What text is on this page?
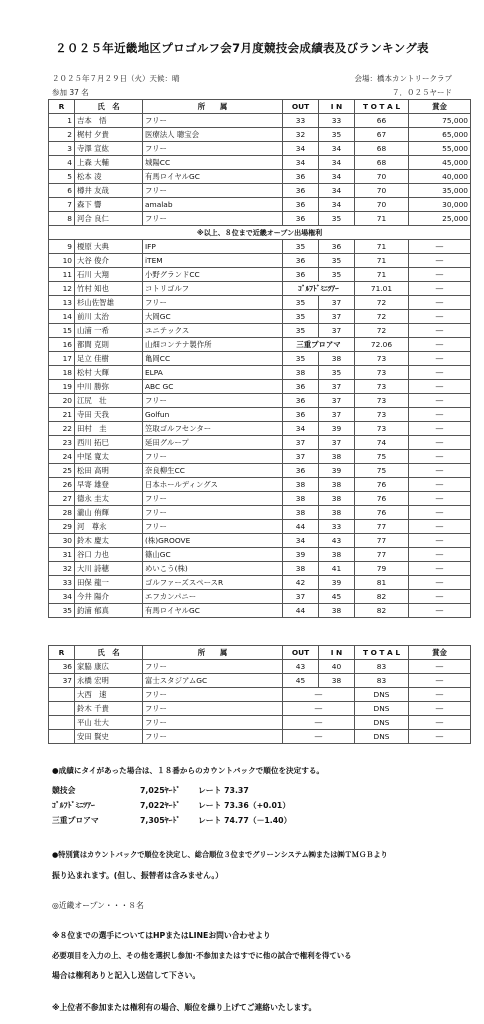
２０２５年近畿地区プロゴルフ会7月度競技会成績表及びランキング表
２０２５年７月２９日（火）天候：晴	会場：橋本カントリークラブ
参加 37 名	７．０２５ヤード
R	氏　名	所　　属	OUT	I N	T O T A L	賞金
1	吉本　悟	フリー	33	33	66	75,000
2	梶村 夕貴	医療法人 聰宝会	32	35	67	65,000
3	寺澤 宣紘	フリー	34	34	68	55,000
4	上森 大輔	城陽CC	34	34	68	45,000
5	松本 凌	有馬ロイヤルGC	36	34	70	40,000
6	樽井 友哉	フリー	36	34	70	35,000
7	森下 響	amalab	36	34	70	30,000
8	河合 良仁	フリー	36	35	71	25,000
※以上、８位まで近畿オープン出場権利						
9	榎原 大典	IFP	35	36	71	―
10	大谷 俊介	iTEM	36	35	71	―
11	石川 大翔	小野グランドCC	36	35	71	―
12	竹村 知也	コトリゴルフ	ｺﾞﾙﾌﾄﾞﾐﾆﾂｱｰ		71.01	―
13	杉山佐智雄	フリー	35	37	72	―
14	前川 太治	大岡GC	35	37	72	―
15	山浦 一希	ユニテックス	35	37	72	―
16	都間 克則	山畑コンテナ製作所	三重プロアマ		72.06	―
17	足立 佳樹	亀岡CC	35	38	73	―
18	松村 大輝	ELPA	38	35	73	―
19	中川 勝弥	ABC GC	36	37	73	―
20	江尻　壮	フリー	36	37	73	―
21	寺田 天我	Golfun	36	37	73	―
22	田村　圭	笠取ゴルフセンター	34	39	73	―
23	西川 拓巳	延田グループ	37	37	74	―
24	中尾 寛太	フリー	37	38	75	―
25	松田 高明	奈良柳生CC	36	39	75	―
26	早寄 雄登	日本ホールディングス	38	38	76	―
27	德永 圭太	フリー	38	38	76	―
28	瀧山 侑輝	フリー	38	38	76	―
29	河　尊永	フリー	44	33	77	―
30	鈴木 慶太	(株)GROOVE	34	43	77	―
31	谷口 力也	篠山GC	39	38	77	―
32	大川 詩穂	めいこう(株)	38	41	79	―
33	田保 龍一	ゴルファーズスペースR	42	39	81	―
34	今井 陽介	エフカンパニー	37	45	82	―
35	釣浦 郁真	有馬ロイヤルGC	44	38	82	―
R	氏　名	所　　属	OUT	I N	T O T A L	賞金
36	家脇 康広	フリー	43	40	83	―
37	永橋 宏明	富士スタジアムGC	45	38	83	―
	大西　速	フリー	―		DNS	―
	鈴木 千貴	フリー	―		DNS	―
	平山 壮大	フリー	―		DNS	―
	安田 賢史	フリー	―		DNS	―
●成績にタイがあった場合は、１８番からのカウントバックで順位を決定する。
競技会	7,025ﾔｰﾄﾞ レート 73.37
ｺﾞﾙﾌﾄﾞﾐﾆﾂｱｰ	7,022ﾔｰﾄﾞ レート 73.36（+0.01）
三重プロアマ	7,305ﾔｰﾄﾞ レート 74.77（－1.40）
●特別賞はカウントバックで順位を決定し、総合順位３位までグリーンシステム㈱または㈱ＴＭＧＢより
振り込まれます。(但し、振替者は含みません。）
◎近畿オープン・・・８名
※８位までの選手についてはHPまたはLINEお問い合わせより
必要項目を入力の上、その他を選択し参加･不参加またはすでに他の試合で権利を得ている
場合は権利ありと記入し送信して下さい。
※上位者不参加または権利有の場合、順位を繰り上げてご連絡いたします。
